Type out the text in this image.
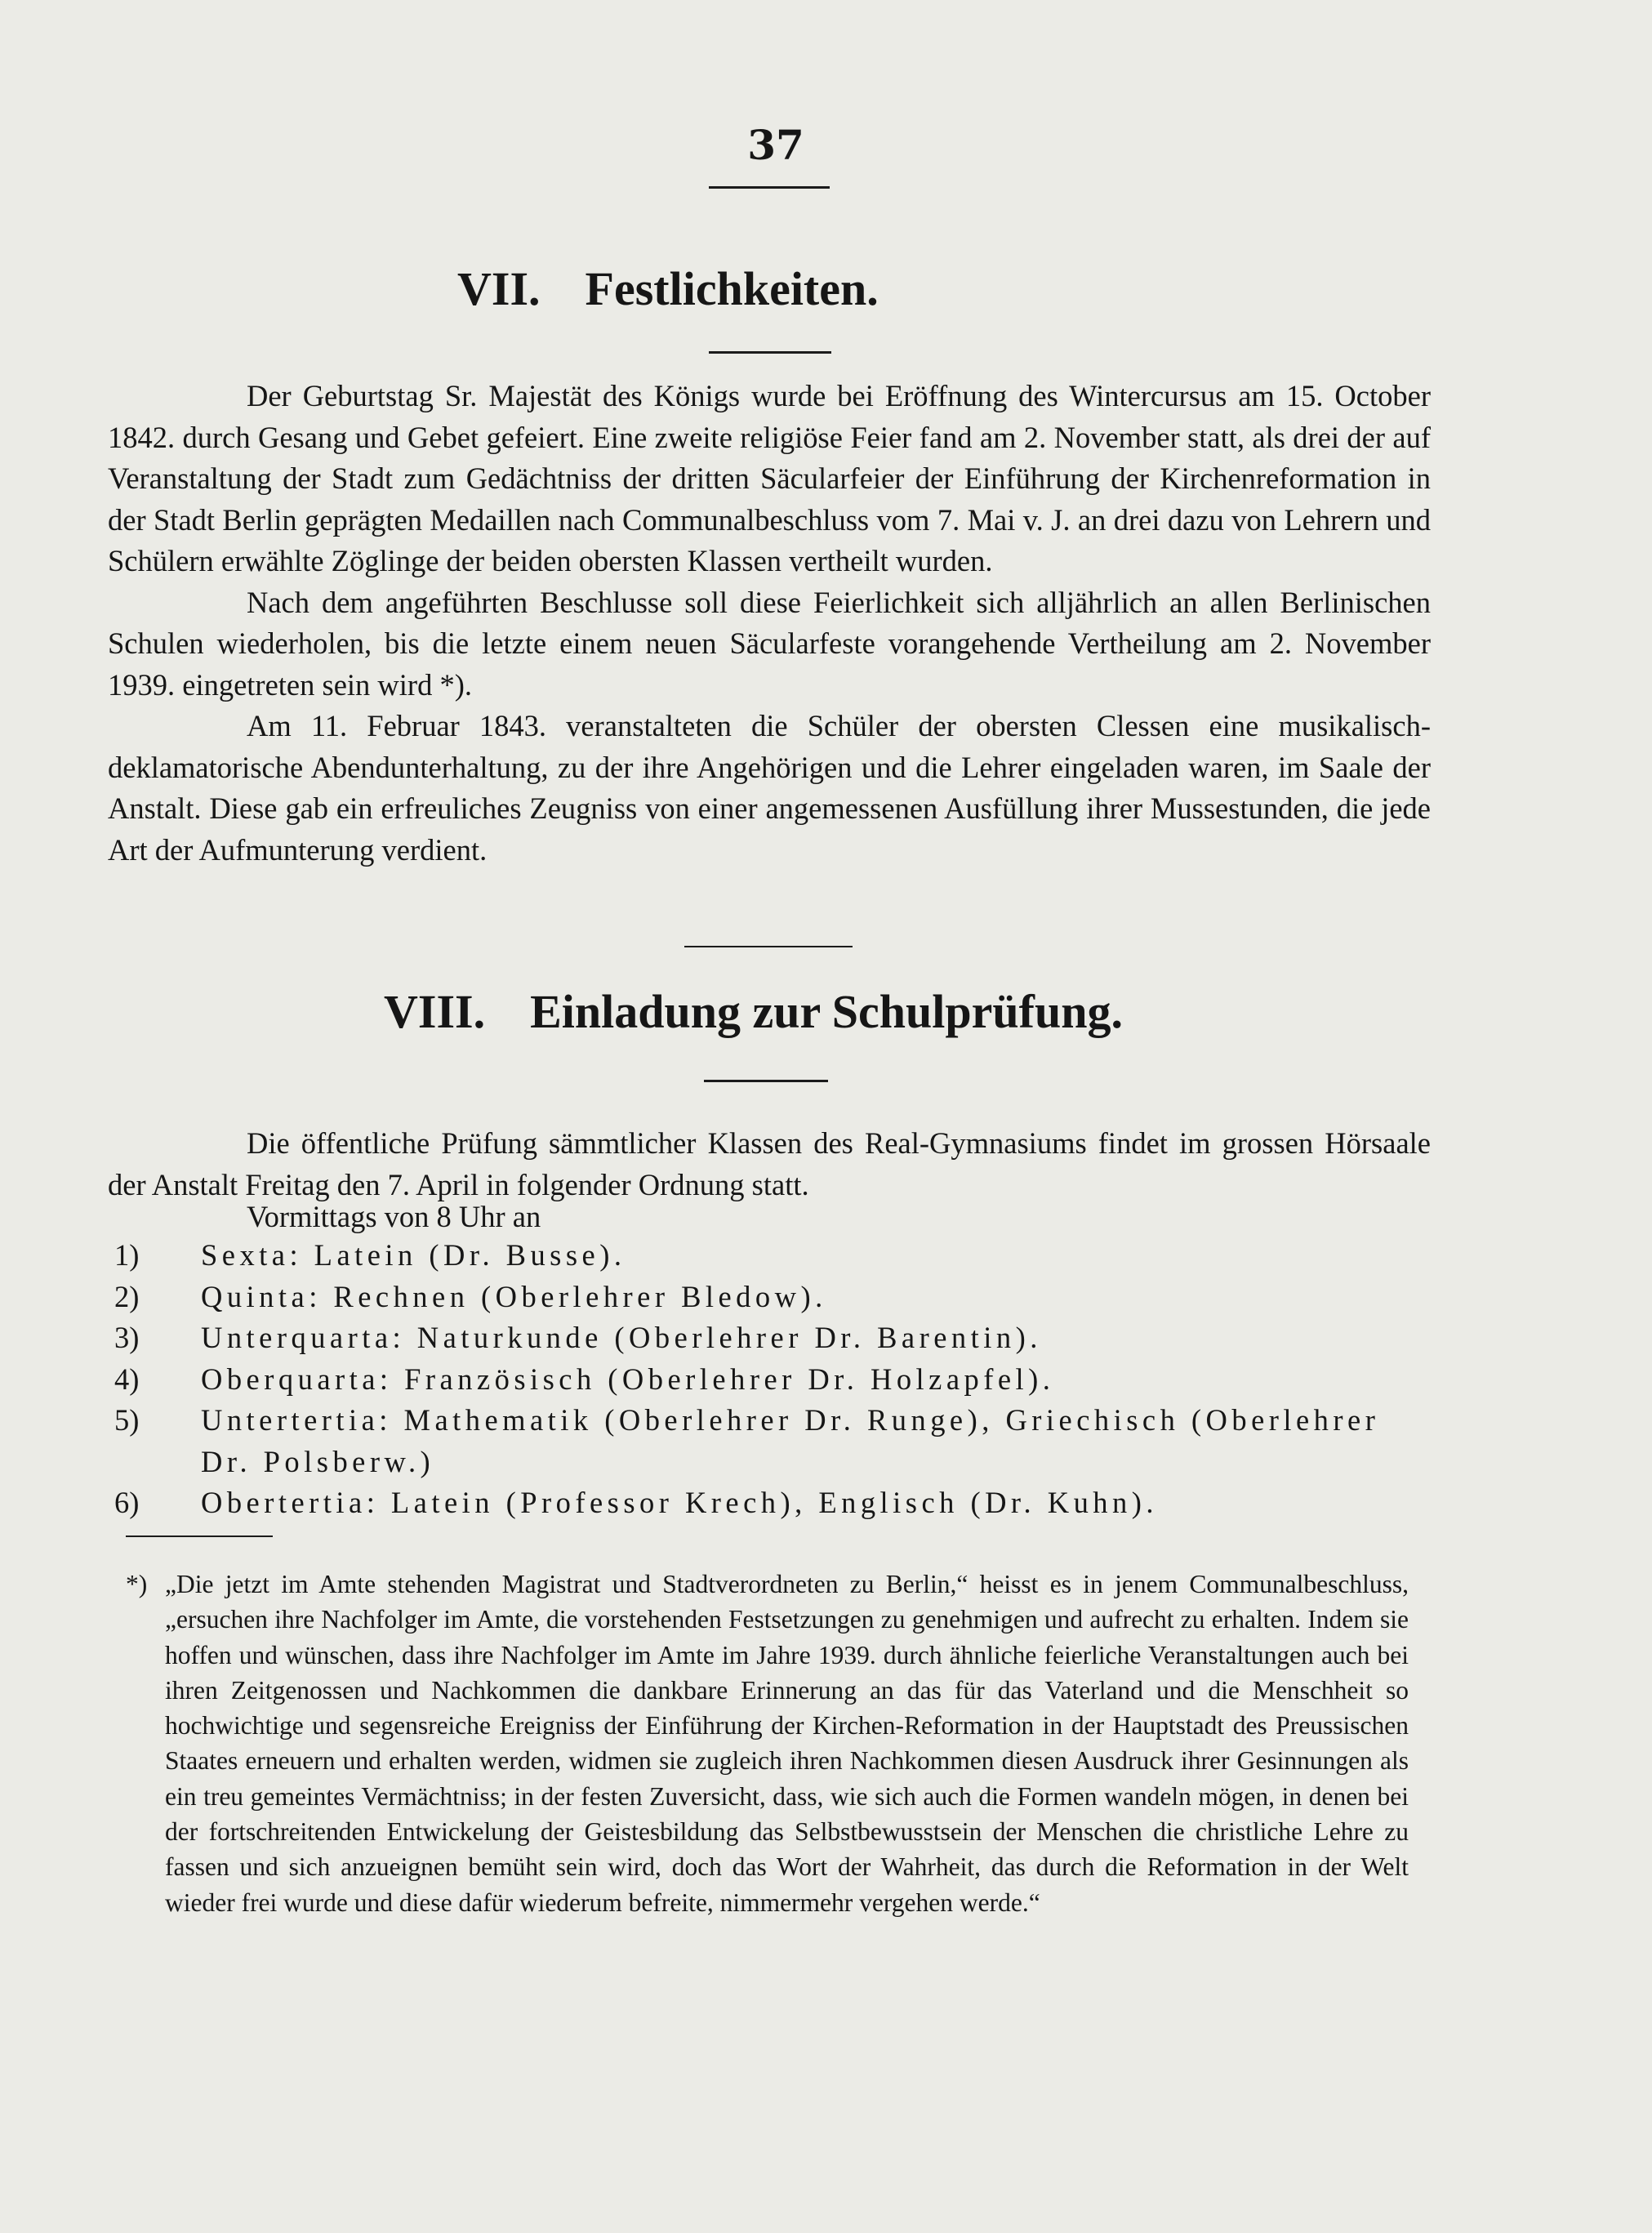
37
VII. Festlichkeiten.

Der Geburtstag Sr. Majestät des Königs wurde bei Eröffnung des Wintercursus am 15. October 1842. durch Gesang und Gebet gefeiert. Eine zweite religiöse Feier fand am 2. November statt, als drei der auf Veranstaltung der Stadt zum Gedächtniss der dritten Säcularfeier der Einführung der Kirchenreformation in der Stadt Berlin geprägten Medaillen nach Communalbeschluss vom 7. Mai v. J. an drei dazu von Lehrern und Schülern erwählte Zöglinge der beiden obersten Klassen vertheilt wurden.

Nach dem angeführten Beschlusse soll diese Feierlichkeit sich alljährlich an allen Berlinischen Schulen wiederholen, bis die letzte einem neuen Säcularfeste vorangehende Vertheilung am 2. November 1939. eingetreten sein wird *).

Am 11. Februar 1843. veranstalteten die Schüler der obersten Clessen eine musikalisch-deklamatorische Abendunterhaltung, zu der ihre Angehörigen und die Lehrer eingeladen waren, im Saale der Anstalt. Diese gab ein erfreuliches Zeugniss von einer angemessenen Ausfüllung ihrer Mussestunden, die jede Art der Aufmunterung verdient.

VIII. Einladung zur Schulprüfung.

Die öffentliche Prüfung sämmtlicher Klassen des Real-Gymnasiums findet im grossen Hörsaale der Anstalt Freitag den 7. April in folgender Ordnung statt.

Vormittags von 8 Uhr an
1)	Sexta: Latein (Dr. Busse).
2)	Quinta: Rechnen (Oberlehrer Bledow).
3)	Unterquarta: Naturkunde (Oberlehrer Dr. Barentin).
4)	Oberquarta: Französisch (Oberlehrer Dr. Holzapfel).
5)	Untertertia: Mathematik (Oberlehrer Dr. Runge), Griechisch (Oberlehrer Dr. Polsberw.)
6)	Obertertia: Latein (Professor Krech), Englisch (Dr. Kuhn).
*) „Die jetzt im Amte stehenden Magistrat und Stadtverordneten zu Berlin,“ heisst es in jenem Communalbeschluss, „ersuchen ihre Nachfolger im Amte, die vorstehenden Festsetzungen zu genehmigen und aufrecht zu erhalten. Indem sie hoffen und wünschen, dass ihre Nachfolger im Amte im Jahre 1939. durch ähnliche feierliche Veranstaltungen auch bei ihren Zeitgenossen und Nachkommen die dankbare Erinnerung an das für das Vaterland und die Menschheit so hochwichtige und segensreiche Ereigniss der Einführung der Kirchen-Reformation in der Hauptstadt des Preussischen Staates erneuern und erhalten werden, widmen sie zugleich ihren Nachkommen diesen Ausdruck ihrer Gesinnungen als ein treu gemeintes Vermächtniss; in der festen Zuversicht, dass, wie sich auch die Formen wandeln mögen, in denen bei der fortschreitenden Entwickelung der Geistesbildung das Selbstbewusstsein der Menschen die christliche Lehre zu fassen und sich anzueignen bemüht sein wird, doch das Wort der Wahrheit, das durch die Reformation in der Welt wieder frei wurde und diese dafür wiederum befreite, nimmermehr vergehen werde.“
